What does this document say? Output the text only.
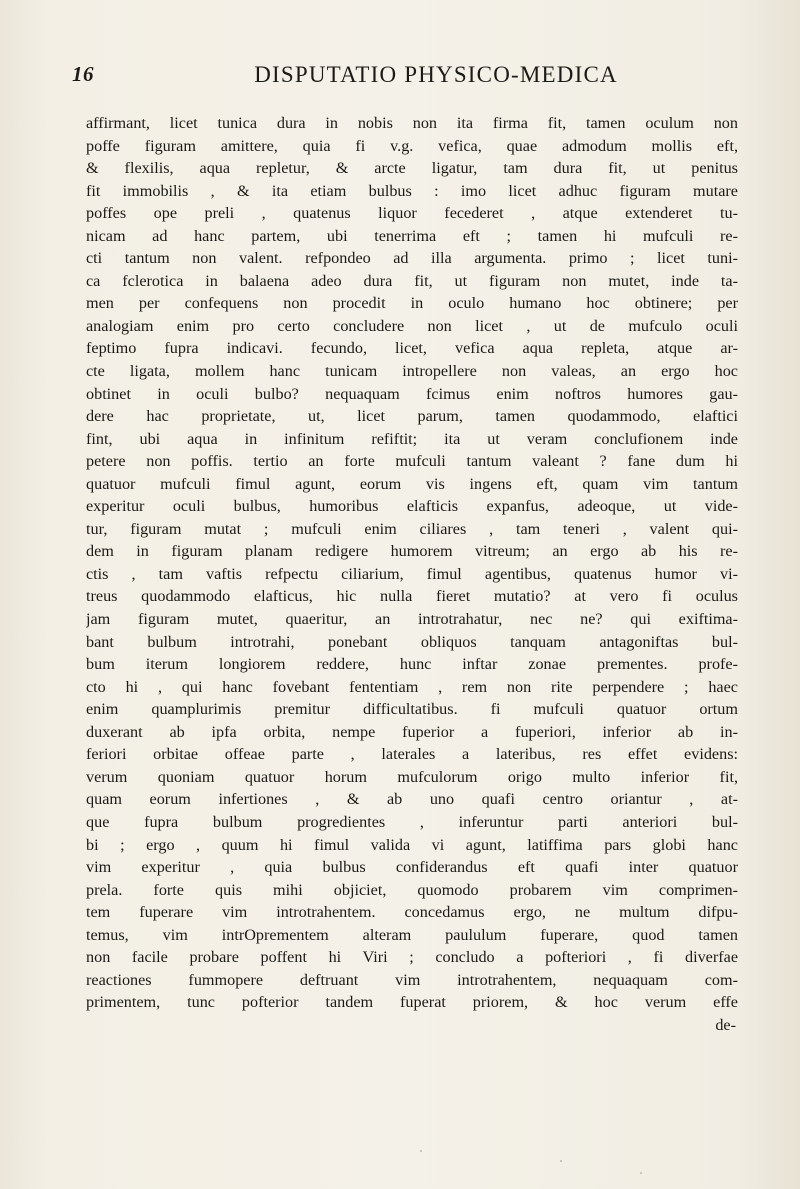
16	DISPUTATIO PHYSICO-MEDICA
affirmant, licet tunica dura in nobis non ita firma fit, tamen oculum non
poffe figuram amittere, quia fi v.g. vefica, quae admodum mollis eft,
& flexilis, aqua repletur, & arcte ligatur, tam dura fit, ut penitus
fit immobilis , & ita etiam bulbus : imo licet adhuc figuram mutare
poffes ope preli , quatenus liquor fecederet , atque extenderet tu-
nicam ad hanc partem, ubi tenerrima eft ; tamen hi mufculi re-
cti tantum non valent. refpondeo ad illa argumenta. primo ; licet tuni-
ca fclerotica in balaena adeo dura fit, ut figuram non mutet, inde ta-
men per confequens non procedit in oculo humano hoc obtinere; per
analogiam enim pro certo concludere non licet , ut de mufculo oculi
feptimo fupra indicavi. fecundo, licet, vefica aqua repleta, atque ar-
cte ligata, mollem hanc tunicam intropellere non valeas, an ergo hoc
obtinet in oculi bulbo? nequaquam fcimus enim noftros humores gau-
dere hac proprietate, ut, licet parum, tamen quodammodo, elaftici
fint, ubi aqua in infinitum refiftit; ita ut veram conclufionem inde
petere non poffis. tertio an forte mufculi tantum valeant ? fane dum hi
quatuor mufculi fimul agunt, eorum vis ingens eft, quam vim tantum
experitur oculi bulbus, humoribus elafticis expanfus, adeoque, ut vide-
tur, figuram mutat ; mufculi enim ciliares , tam teneri , valent qui-
dem in figuram planam redigere humorem vitreum; an ergo ab his re-
ctis , tam vaftis refpectu ciliarium, fimul agentibus, quatenus humor vi-
treus quodammodo elafticus, hic nulla fieret mutatio? at vero fi oculus
jam figuram mutet, quaeritur, an introtrahatur, nec ne? qui exiftima-
bant bulbum introtrahi, ponebant obliquos tanquam antagoniftas bul-
bum iterum longiorem reddere, hunc inftar zonae prementes. profe-
cto hi , qui hanc fovebant fententiam , rem non rite perpendere ; haec
enim quamplurimis premitur difficultatibus. fi mufculi quatuor ortum
duxerant ab ipfa orbita, nempe fuperior a fuperiori, inferior ab in-
feriori orbitae offeae parte , laterales a lateribus, res effet evidens:
verum quoniam quatuor horum mufculorum origo multo inferior fit,
quam eorum infertiones , & ab uno quafi centro oriantur , at-
que fupra bulbum progredientes , inferuntur parti anteriori bul-
bi ; ergo , quum hi fimul valida vi agunt, latiffima pars globi hanc
vim experitur , quia bulbus confiderandus eft quafi inter quatuor
prela. forte quis mihi objiciet, quomodo probarem vim comprimen-
tem fuperare vim introtrahentem. concedamus ergo, ne multum difpu-
temus, vim intrOprementem alteram paululum fuperare, quod tamen
non facile probare poffent hi Viri ; concludo a pofteriori , fi diverfae
reactiones fummopere deftruant vim introtrahentem, nequaquam com-
primentem, tunc pofterior tandem fuperat priorem, & hoc verum effe
de-
